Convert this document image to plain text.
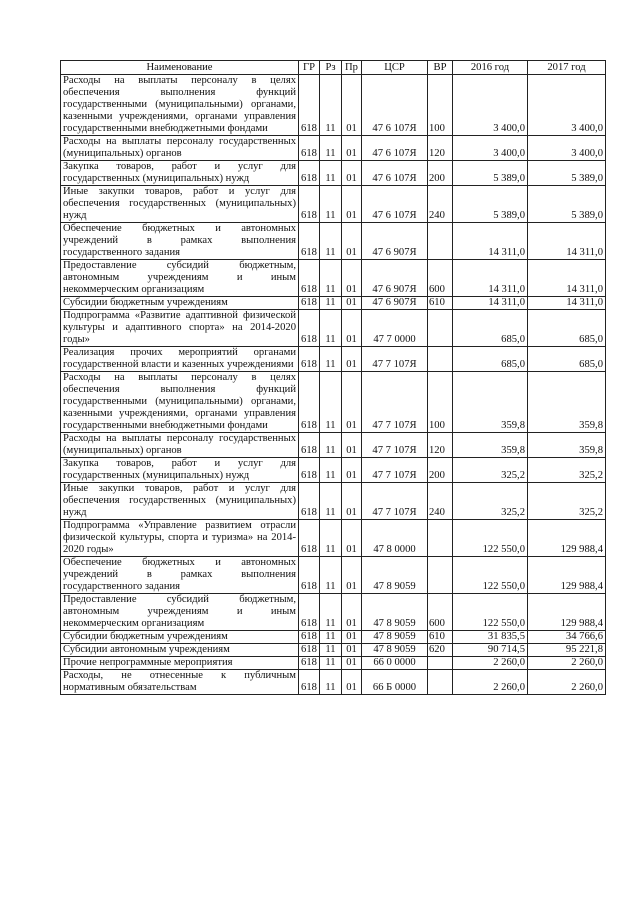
Наименование	ГР	Рз	Пр	ЦСР	ВР	2016 год	2017 год
Расходы на выплаты персоналу в целях обеспечения выполнения функций государственными (муниципальными) органами, казенными учреждениями, органами управления государственными внебюджетными фондами	618	11	01	47 6 107Я	100	3 400,0	3 400,0
Расходы на выплаты персоналу государственных (муниципальных) органов	618	11	01	47 6 107Я	120	3 400,0	3 400,0
Закупка товаров, работ и услуг для государственных (муниципальных) нужд	618	11	01	47 6 107Я	200	5 389,0	5 389,0
Иные закупки товаров, работ и услуг для обеспечения государственных (муниципальных) нужд	618	11	01	47 6 107Я	240	5 389,0	5 389,0
Обеспечение бюджетных и автономных учреждений в рамках выполнения государственного задания	618	11	01	47 6 907Я		14 311,0	14 311,0
Предоставление субсидий бюджетным, автономным учреждениям и иным некоммерческим организациям	618	11	01	47 6 907Я	600	14 311,0	14 311,0
Субсидии бюджетным учреждениям	618	11	01	47 6 907Я	610	14 311,0	14 311,0
Подпрограмма «Развитие адаптивной физической культуры и адаптивного спорта» на 2014-2020 годы»	618	11	01	47 7 0000		685,0	685,0
Реализация прочих мероприятий органами государственной власти и казенных учреждениями	618	11	01	47 7 107Я		685,0	685,0
Расходы на выплаты персоналу в целях обеспечения выполнения функций государственными (муниципальными) органами, казенными учреждениями, органами управления государственными внебюджетными фондами	618	11	01	47 7 107Я	100	359,8	359,8
Расходы на выплаты персоналу государственных (муниципальных) органов	618	11	01	47 7 107Я	120	359,8	359,8
Закупка товаров, работ и услуг для государственных (муниципальных) нужд	618	11	01	47 7 107Я	200	325,2	325,2
Иные закупки товаров, работ и услуг для обеспечения государственных (муниципальных) нужд	618	11	01	47 7 107Я	240	325,2	325,2
Подпрограмма «Управление развитием отрасли физической культуры, спорта и туризма» на 2014-2020 годы»	618	11	01	47 8 0000		122 550,0	129 988,4
Обеспечение бюджетных и автономных учреждений в рамках выполнения государственного задания	618	11	01	47 8 9059		122 550,0	129 988,4
Предоставление субсидий бюджетным, автономным учреждениям и иным некоммерческим организациям	618	11	01	47 8 9059	600	122 550,0	129 988,4
Субсидии бюджетным учреждениям	618	11	01	47 8 9059	610	31 835,5	34 766,6
Субсидии автономным учреждениям	618	11	01	47 8 9059	620	90 714,5	95 221,8
Прочие непрограммные мероприятия	618	11	01	66 0 0000		2 260,0	2 260,0
Расходы, не отнесенные к публичным нормативным обязательствам	618	11	01	66 Б 0000		2 260,0	2 260,0
